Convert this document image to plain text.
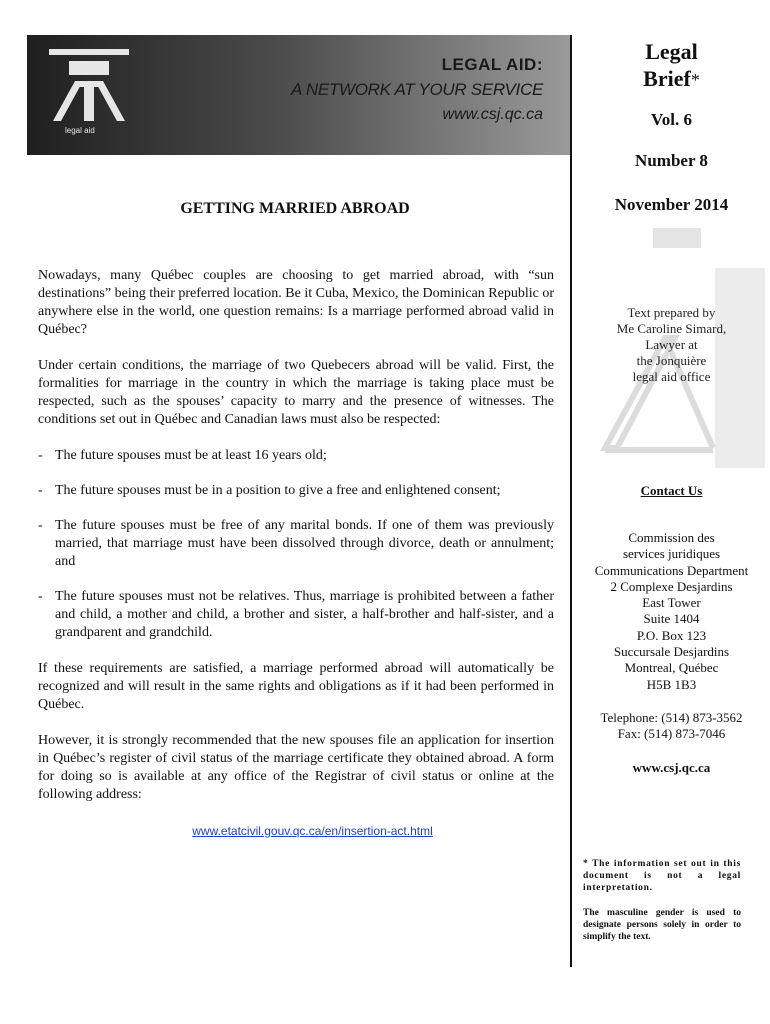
legal aid
LEGAL AID:
A NETWORK AT YOUR SERVICE
www.csj.qc.ca
Legal
Brief*
Vol. 6
Number 8
November 2014
Text prepared by
Me Caroline Simard,
Lawyer at
the Jonquière
legal aid office
Contact Us
Commission des
services juridiques
Communications Department
2 Complexe Desjardins
East Tower
Suite 1404
P.O. Box 123
Succursale Desjardins
Montreal, Québec
H5B 1B3
Telephone: (514) 873-3562
Fax: (514) 873-7046
www.csj.qc.ca
* The information set out in this document is not a legal interpretation.
The masculine gender is used to designate persons solely in order to simplify the text.
GETTING MARRIED ABROAD
Nowadays, many Québec couples are choosing to get married abroad, with “sun destinations” being their preferred location. Be it Cuba, Mexico, the Dominican Republic or anywhere else in the world, one question remains: Is a marriage performed abroad valid in Québec?
Under certain conditions, the marriage of two Quebecers abroad will be valid. First, the formalities for marriage in the country in which the marriage is taking place must be respected, such as the spouses’ capacity to marry and the presence of witnesses. The conditions set out in Québec and Canadian laws must also be respected:
- The future spouses must be at least 16 years old;
- The future spouses must be in a position to give a free and enlightened consent;
- The future spouses must be free of any marital bonds. If one of them was previously married, that marriage must have been dissolved through divorce, death or annulment; and
- The future spouses must not be relatives. Thus, marriage is prohibited between a father and child, a mother and child, a brother and sister, a half-brother and half-sister, and a grandparent and grandchild.
If these requirements are satisfied, a marriage performed abroad will automatically be recognized and will result in the same rights and obligations as if it had been performed in Québec.
However, it is strongly recommended that the new spouses file an application for insertion in Québec’s register of civil status of the marriage certificate they obtained abroad. A form for doing so is available at any office of the Registrar of civil status or online at the following address:
www.etatcivil.gouv.qc.ca/en/insertion-act.html
